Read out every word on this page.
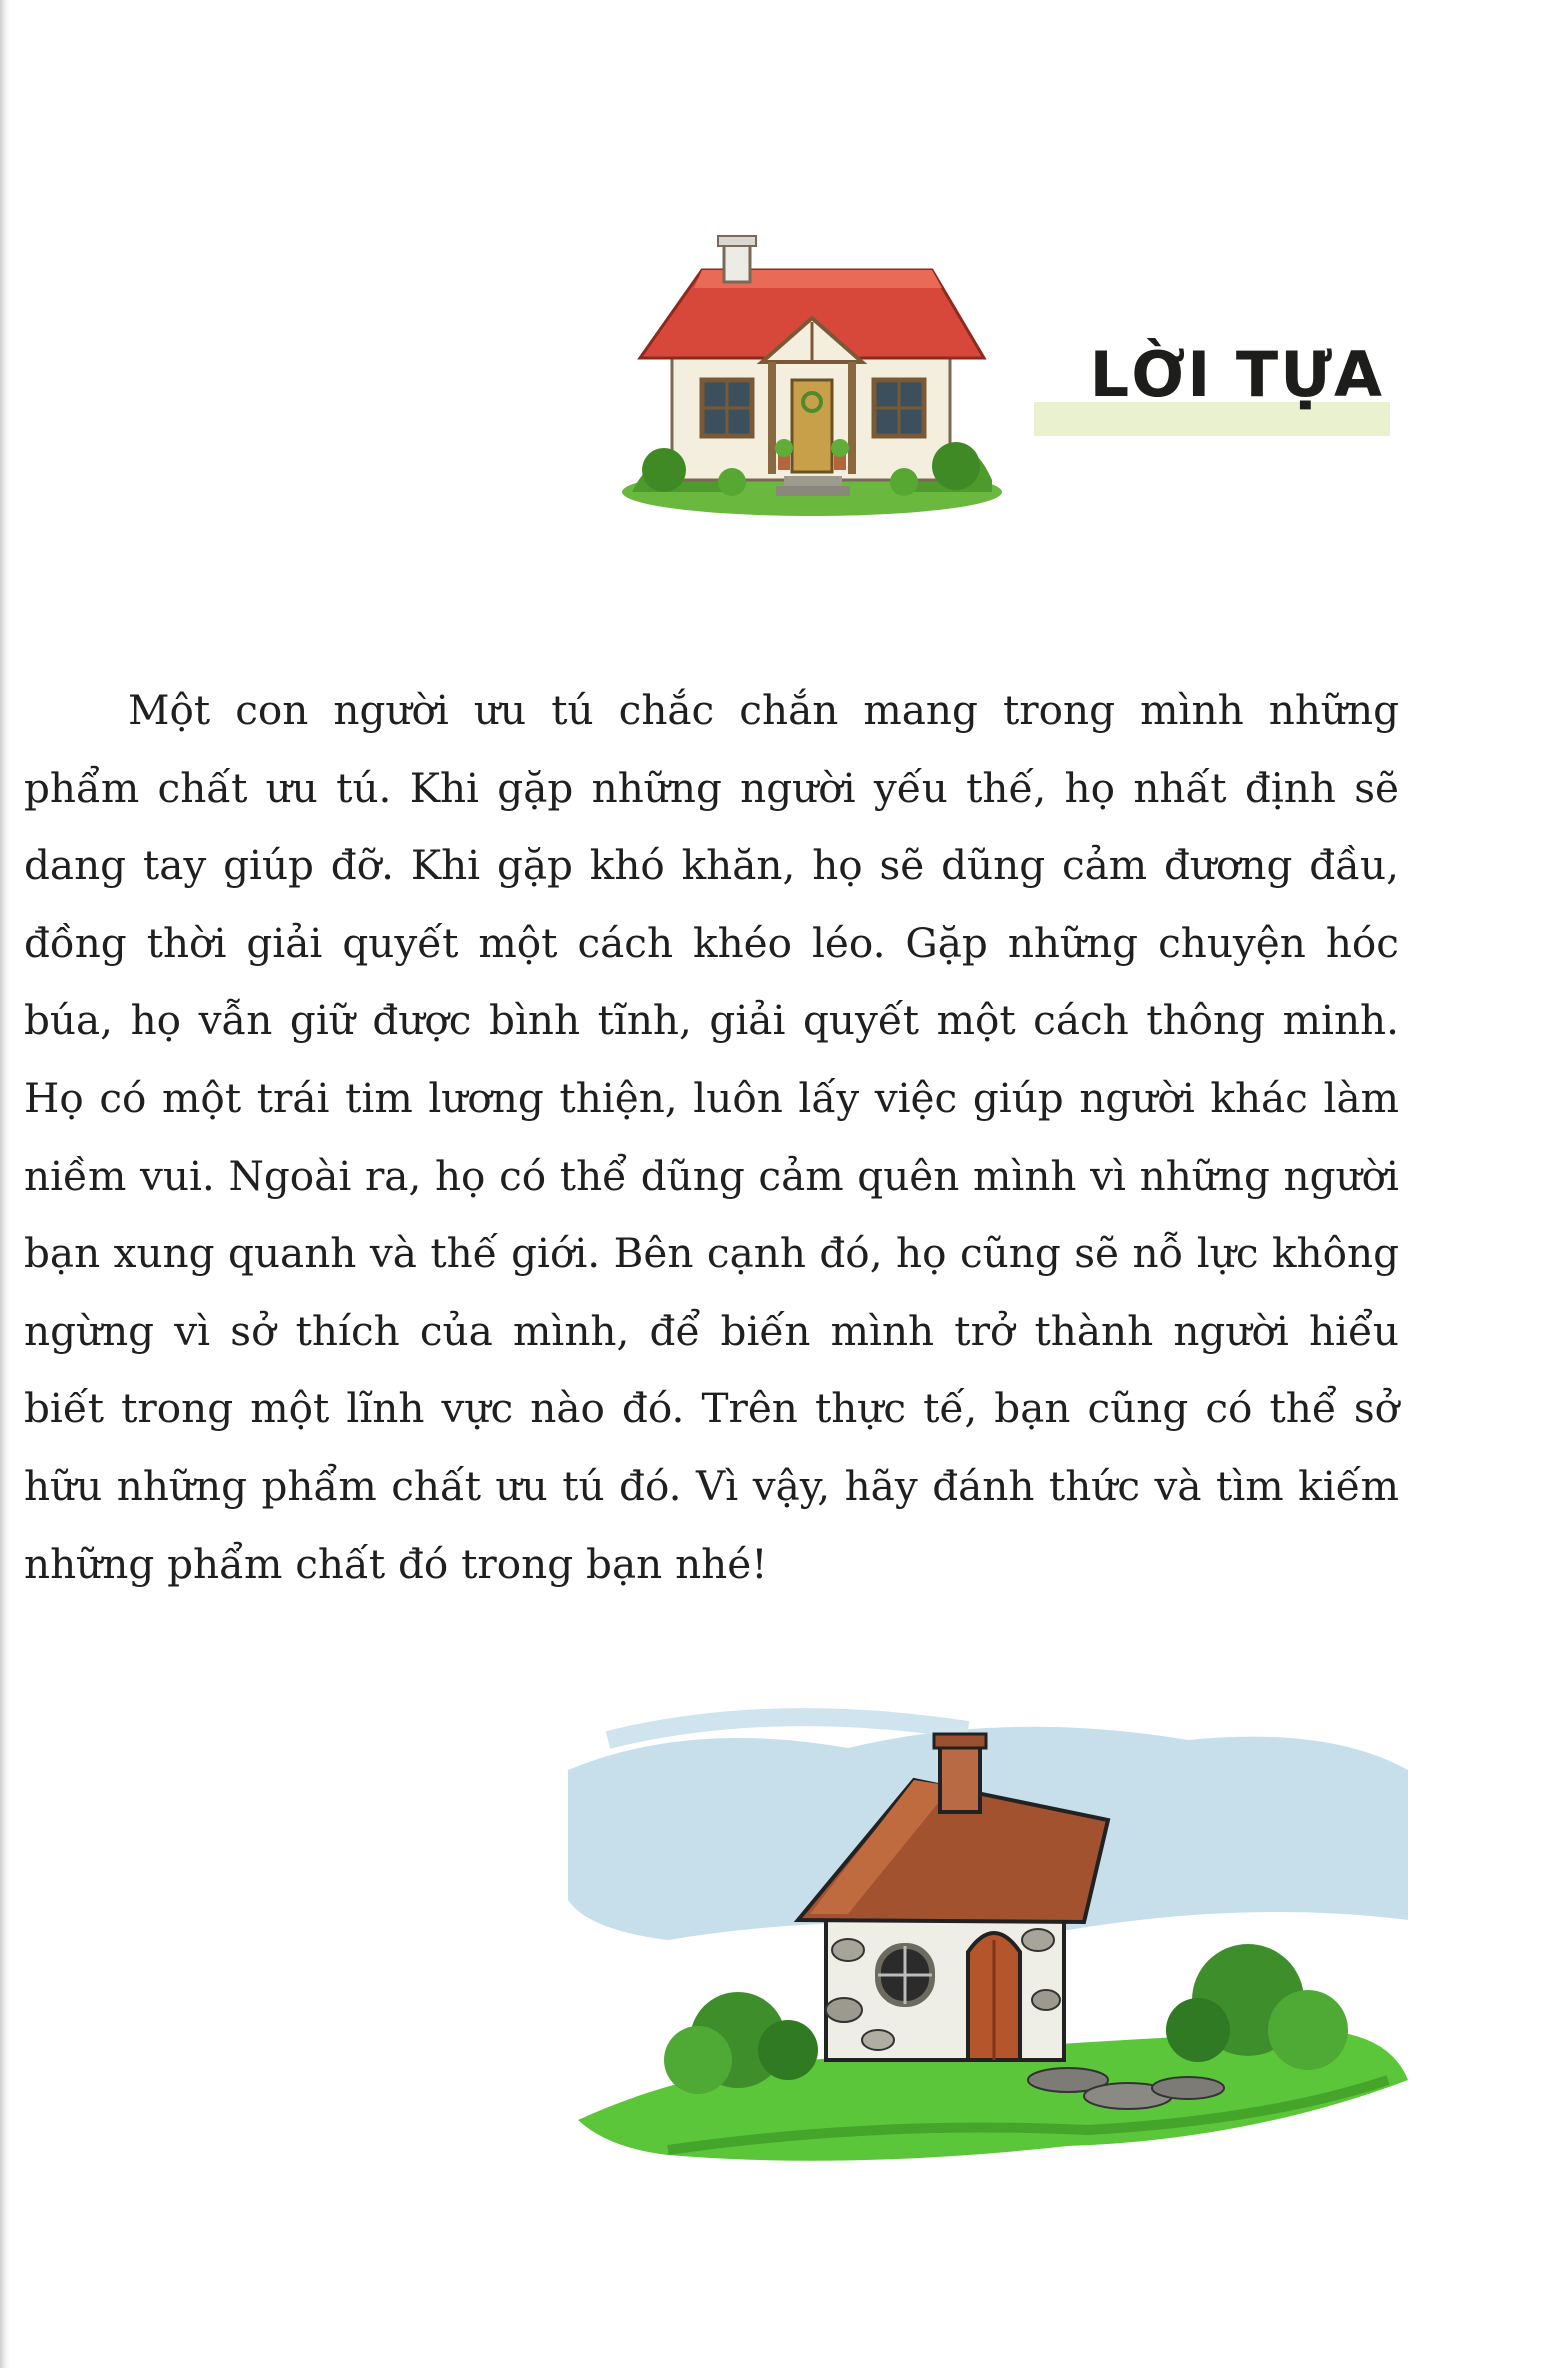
LỜI TỰA

Một con người ưu tú chắc chắn mang trong mình những phẩm chất ưu tú. Khi gặp những người yếu thế, họ nhất định sẽ dang tay giúp đỡ. Khi gặp khó khăn, họ sẽ dũng cảm đương đầu, đồng thời giải quyết một cách khéo léo. Gặp những chuyện hóc búa, họ vẫn giữ được bình tĩnh, giải quyết một cách thông minh. Họ có một trái tim lương thiện, luôn lấy việc giúp người khác làm niềm vui. Ngoài ra, họ có thể dũng cảm quên mình vì những người bạn xung quanh và thế giới. Bên cạnh đó, họ cũng sẽ nỗ lực không ngừng vì sở thích của mình, để biến mình trở thành người hiểu biết trong một lĩnh vực nào đó. Trên thực tế, bạn cũng có thể sở hữu những phẩm chất ưu tú đó. Vì vậy, hãy đánh thức và tìm kiếm những phẩm chất đó trong bạn nhé!
